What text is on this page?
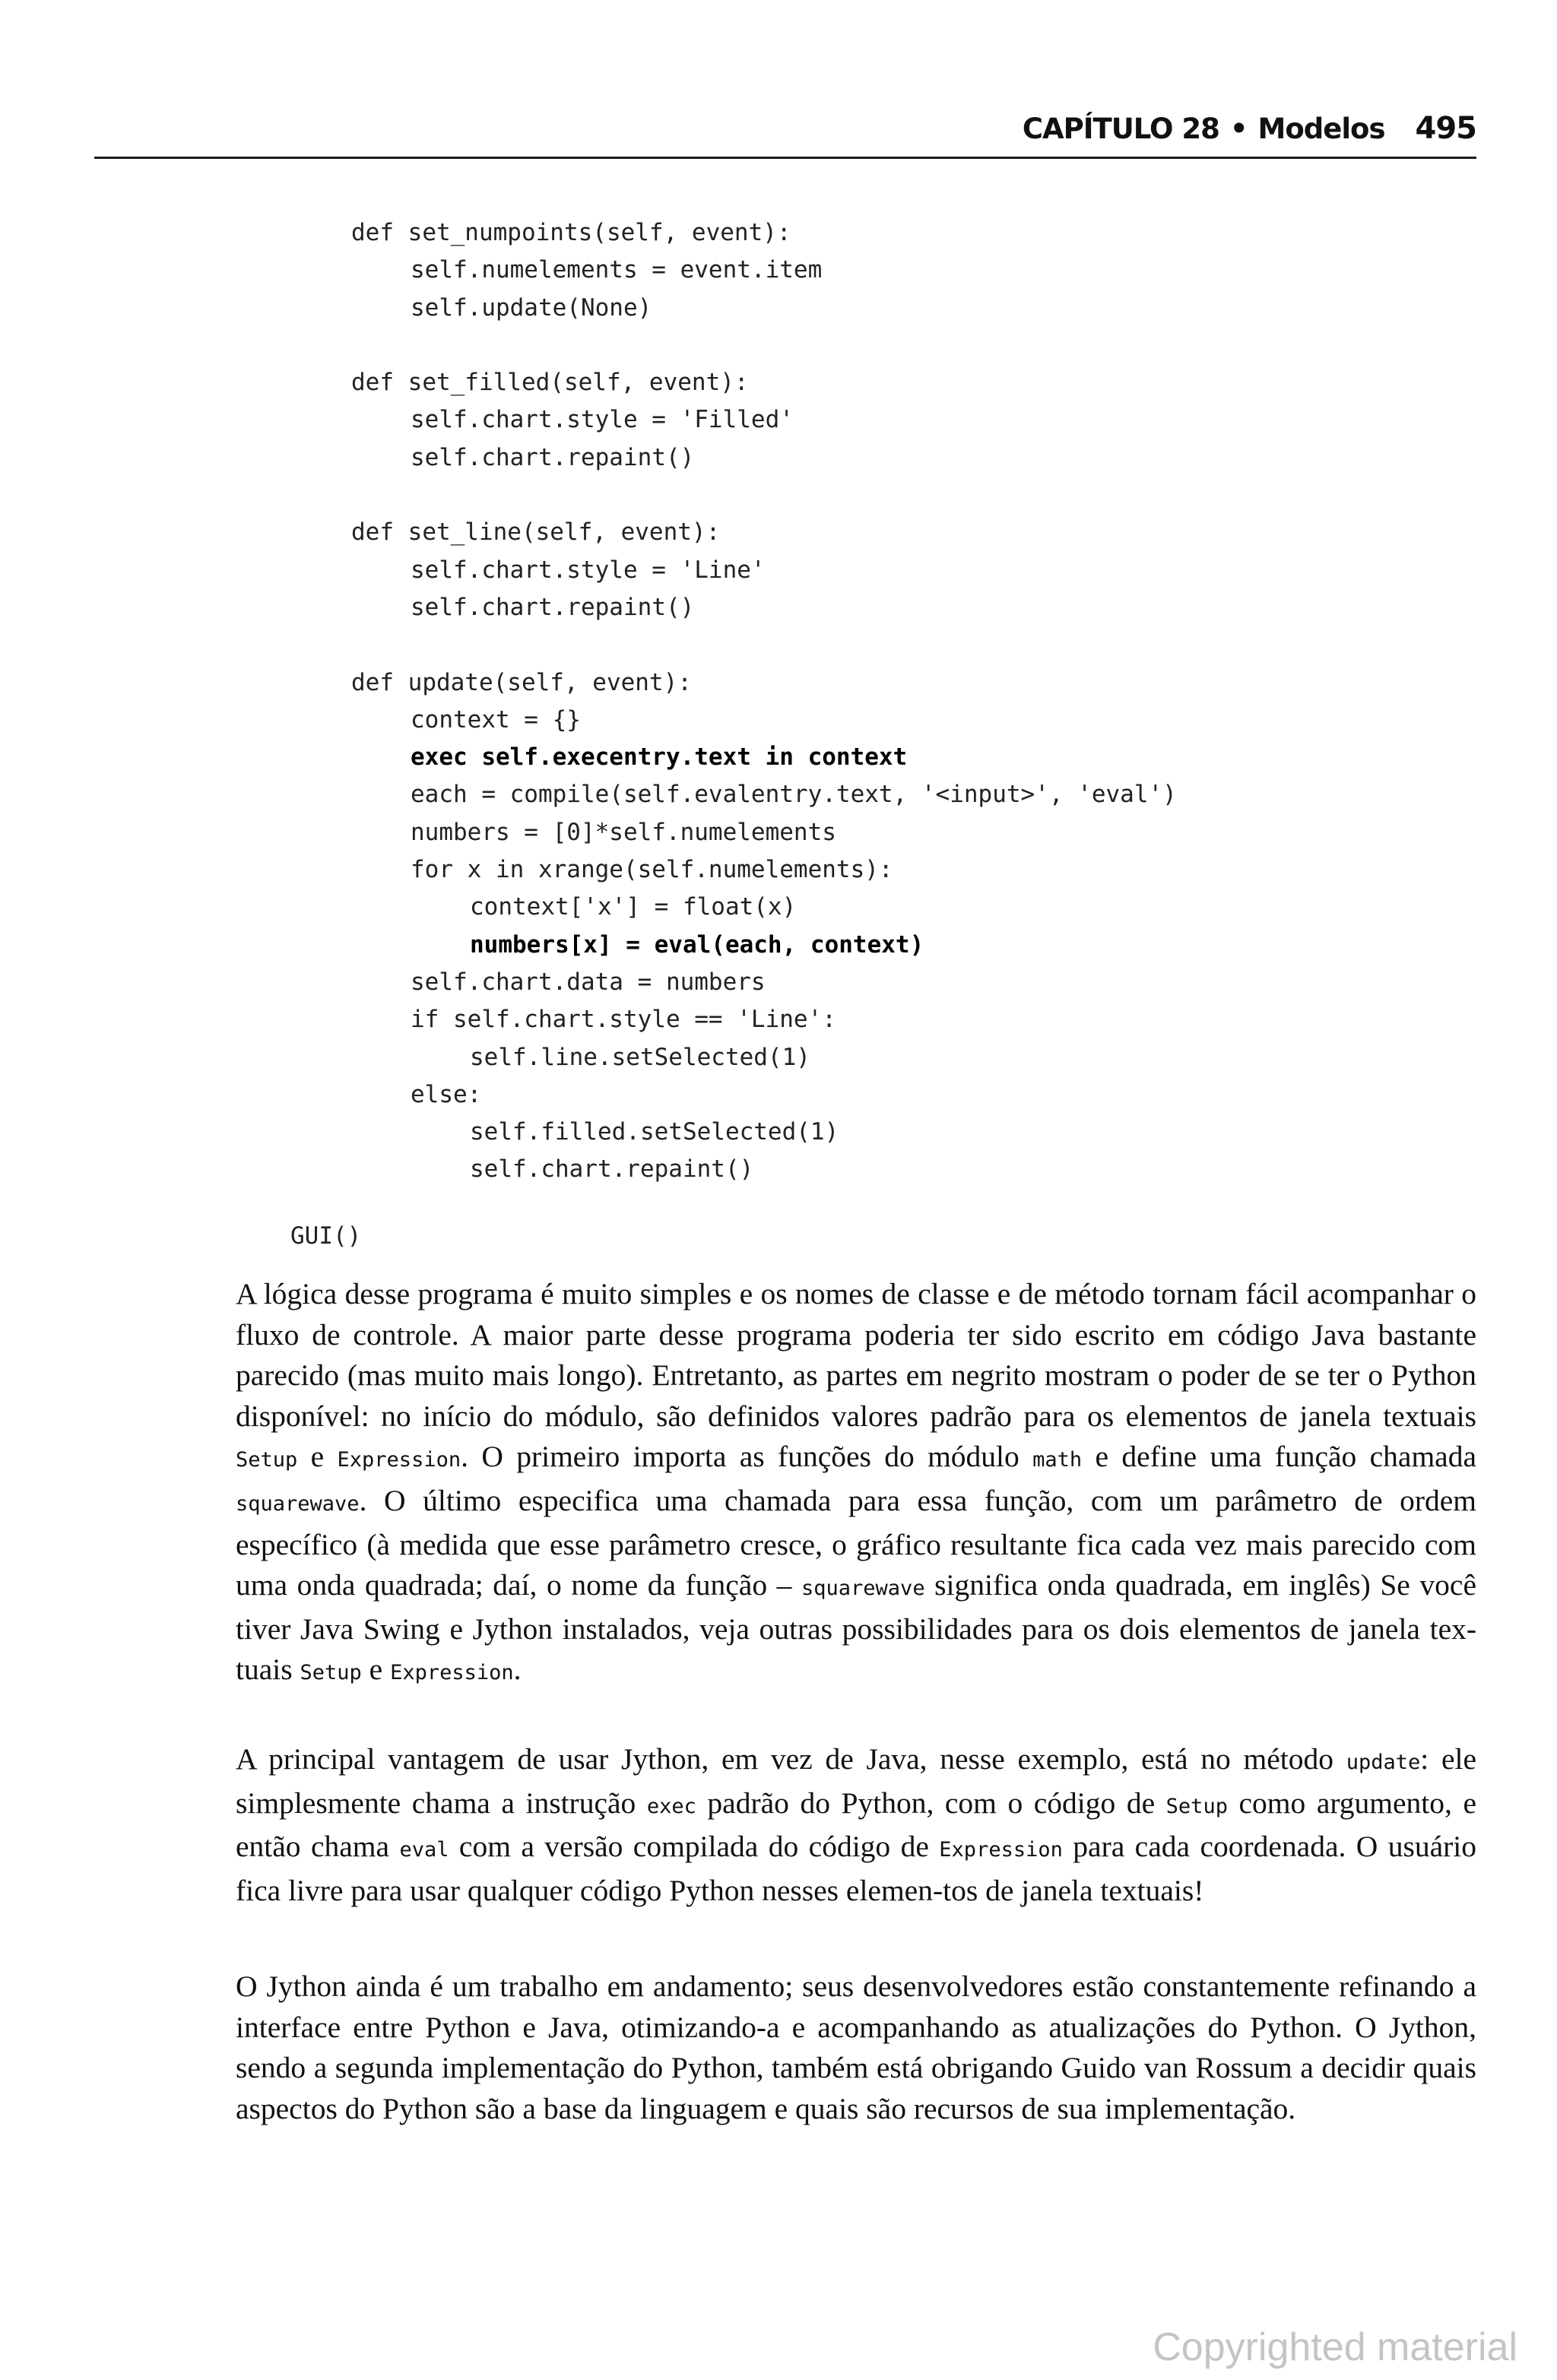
CAPÍTULO 28 • Modelos 495
def set_numpoints(self, event):
self.numelements = event.item
self.update(None)
def set_filled(self, event):
self.chart.style = 'Filled'
self.chart.repaint()
def set_line(self, event):
self.chart.style = 'Line'
self.chart.repaint()
def update(self, event):
context = {}
exec self.execentry.text in context
each = compile(self.evalentry.text, '<input>', 'eval')
numbers = [0]*self.numelements
for x in xrange(self.numelements):
context['x'] = float(x)
numbers[x] = eval(each, context)
self.chart.data = numbers
if self.chart.style == 'Line':
self.line.setSelected(1)
else:
self.filled.setSelected(1)
self.chart.repaint()
GUI()
A lógica desse programa é muito simples e os nomes de classe e de método tornam fácil acompanhar o fluxo de controle. A maior parte desse programa poderia ter sido escrito em código Java bastante parecido (mas muito mais longo). Entretanto, as partes em negrito mostram o poder de se ter o Python disponível: no início do módulo, são definidos valores padrão para os elementos de janela textuais Setup e Expression. O primeiro importa as funções do módulo math e define uma função chamada squarewave. O último especifica uma chamada para essa função, com um parâmetro de ordem específico (à medida que esse parâmetro cresce, o gráfico resultante fica cada vez mais parecido com uma onda quadrada; daí, o nome da função – squarewave significa onda quadrada, em inglês) Se você tiver Java Swing e Jython instalados, veja outras possibilidades para os dois elementos de janela tex-tuais Setup e Expression.
A principal vantagem de usar Jython, em vez de Java, nesse exemplo, está no método update: ele simplesmente chama a instrução exec padrão do Python, com o código de Setup como argumento, e então chama eval com a versão compilada do código de Expression para cada coordenada. O usuário fica livre para usar qualquer código Python nesses elemen-tos de janela textuais!
O Jython ainda é um trabalho em andamento; seus desenvolvedores estão constantemente refinando a interface entre Python e Java, otimizando-a e acompanhando as atualizações do Python. O Jython, sendo a segunda implementação do Python, também está obrigando Guido van Rossum a decidir quais aspectos do Python são a base da linguagem e quais são recursos de sua implementação.
Copyrighted material
